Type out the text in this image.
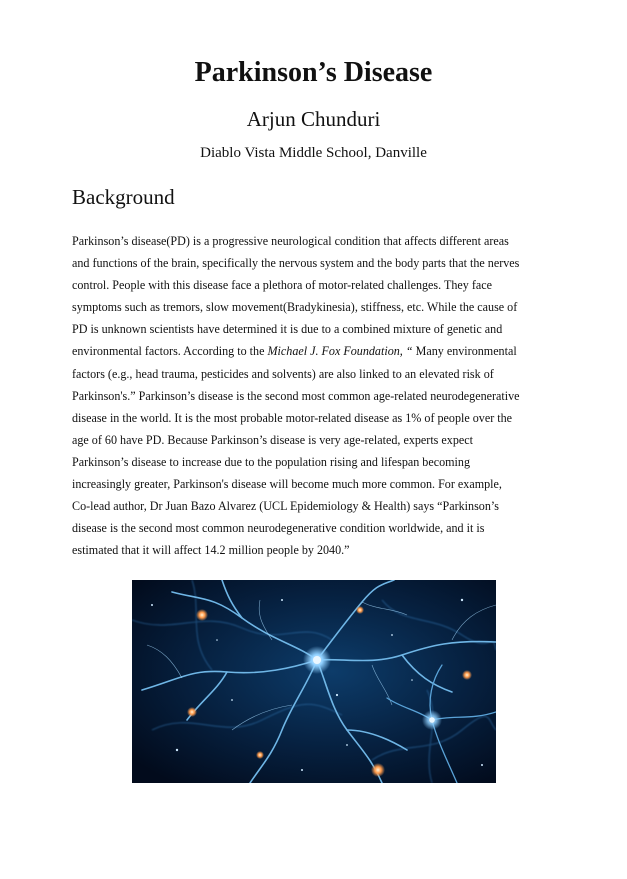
Parkinson’s Disease
Arjun Chunduri
Diablo Vista Middle School, Danville
Background

Parkinson’s disease(PD) is a progressive neurological condition that affects different areas
and functions of the brain, specifically the nervous system and the body parts that the nerves
control. People with this disease face a plethora of motor-related challenges. They face
symptoms such as tremors, slow movement(Bradykinesia), stiffness, etc. While the cause of
PD is unknown scientists have determined it is due to a combined mixture of genetic and
environmental factors. According to the Michael J. Fox Foundation, “ Many environmental
factors (e.g., head trauma, pesticides and solvents) are also linked to an elevated risk of
Parkinson's.” Parkinson’s disease is the second most common age-related neurodegenerative
disease in the world. It is the most probable motor-related disease as 1% of people over the
age of 60 have PD. Because Parkinson’s disease is very age-related, experts expect
Parkinson’s disease to increase due to the population rising and lifespan becoming
increasingly greater, Parkinson's disease will become much more common. For example,
Co-lead author, Dr Juan Bazo Alvarez (UCL Epidemiology & Health) says “Parkinson’s
disease is the second most common neurodegenerative condition worldwide, and it is
estimated that it will affect 14.2 million people by 2040.”
